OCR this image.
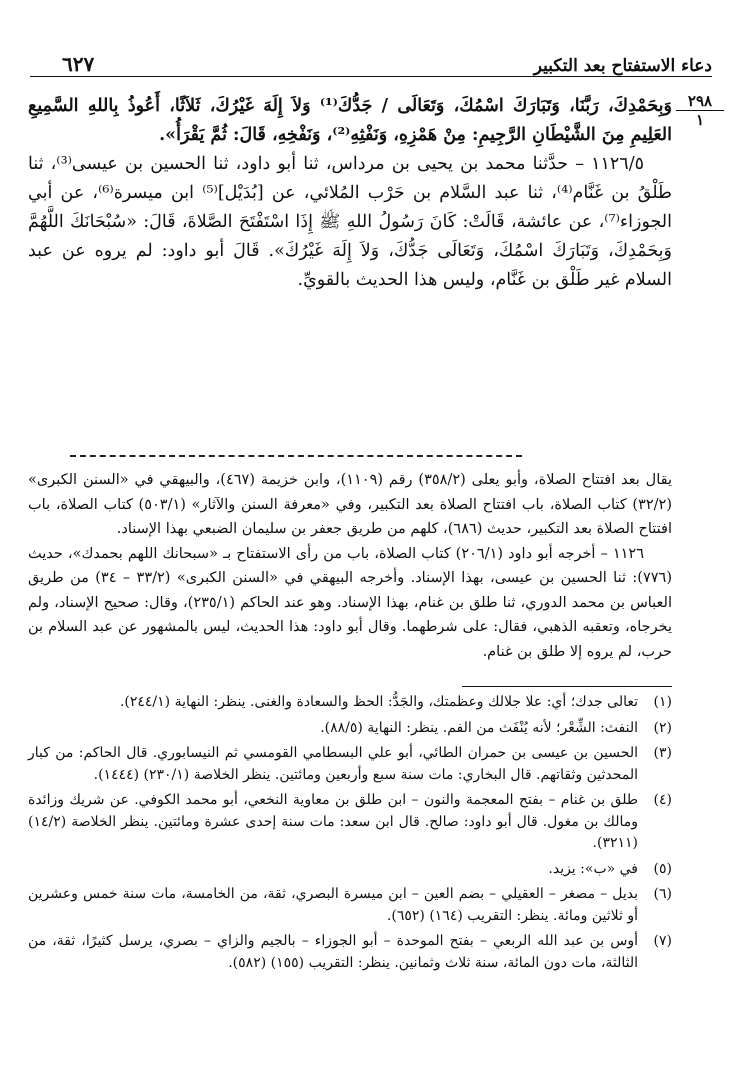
دعاء الاستفتاح بعد التكبير
٦٢٧
٢٩٨
١

وَبِحَمْدِكَ، رَبَّنَا، وَتَبَارَكَ اسْمُكَ، وَتَعَالَى / جَدُّكَ⁽¹⁾ وَلاَ إِلَهَ غَيْرُكَ، ثَلاَثًا، أَعُوذُ بِاللهِ السَّمِيعِ العَلِيمِ مِنَ الشَّيْطَانِ الرَّجِيمِ: مِنْ هَمْزِهِ، وَنَفْثِهِ⁽²⁾، وَنَفْخِهِ، قَالَ: ثُمَّ يَقْرَأُ».

١١٢٦/٥ – حدَّثنا محمد بن يحيى بن مرداس، ثنا أبو داود، ثنا الحسين بن عيسى⁽³⁾، ثنا طَلْقُ بن غَنَّام⁽⁴⁾، ثنا عبد السَّلام بن حَرْب المُلائي، عن [بُدَيْل]⁽⁵⁾ ابن ميسرة⁽⁶⁾، عن أبي الجوزاء⁽⁷⁾، عن عائشة، قَالَتْ: كَانَ رَسُولُ اللهِ ﷺ إِذَا اسْتَفْتَحَ الصَّلاةَ، قَالَ: «سُبْحَانَكَ اللَّهُمَّ وَبِحَمْدِكَ، وَتَبَارَكَ اسْمُكَ، وَتَعَالَى جَدُّكَ، وَلاَ إِلَهَ غَيْرُكَ». قَالَ أبو داود: لم يروه عن عبد السلام غير طَلْق بن غَنَّام، وليس هذا الحديث بالقويِّ.

يقال بعد افتتاح الصلاة، وأبو يعلى (٣٥٨/٢) رقم (١١٠٩)، وابن خزيمة (٤٦٧)، والبيهقي في «السنن الكبرى» (٣٢/٢) كتاب الصلاة، باب افتتاح الصلاة بعد التكبير، وفي «معرفة السنن والآثار» (٥٠٣/١) كتاب الصلاة، باب افتتاح الصلاة بعد التكبير، حديث (٦٨٦)، كلهم من طريق جعفر بن سليمان الضبعي بهذا الإسناد.

١١٢٦ – أخرجه أبو داود (٢٠٦/١) كتاب الصلاة، باب من رأى الاستفتاح بـ «سبحانك اللهم بحمدك»، حديث (٧٧٦): ثنا الحسين بن عيسى، بهذا الإسناد. وأخرجه البيهقي في «السنن الكبرى» (٣٣/٢ – ٣٤) من طريق العباس بن محمد الدوري، ثنا طلق بن غنام، بهذا الإسناد. وهو عند الحاكم (٢٣٥/١)، وقال: صحيح الإسناد، ولم يخرجاه، وتعقبه الذهبي، فقال: على شرطهما. وقال أبو داود: هذا الحديث، ليس بالمشهور عن عبد السلام بن حرب، لم يروه إلا طلق بن غنام.

(١)
تعالى جدك؛ أي: علا جلالك وعظمتك، والجَدُّ: الحظ والسعادة والغنى. ينظر: النهاية (٢٤٤/١).
(٢)
النفث: الشِّعْر؛ لأنه يُنْفَث من الفم. ينظر: النهاية (٨٨/٥).
(٣)
الحسين بن عيسى بن حمران الطائي، أبو علي البسطامي القومسي ثم النيسابوري. قال الحاكم: من كبار المحدثين وثقاتهم. قال البخاري: مات سنة سبع وأربعين ومائتين. ينظر الخلاصة (٢٣٠/١) (١٤٤٤).
(٤)
طلق بن غنام – بفتح المعجمة والنون – ابن طلق بن معاوية النخعي، أبو محمد الكوفي. عن شريك وزائدة ومالك بن مغول. قال أبو داود: صالح. قال ابن سعد: مات سنة إحدى عشرة ومائتين. ينظر الخلاصة (١٤/٢) (٣٢١١).
(٥)
في «ب»: يزيد.
(٦)
بديل – مصغر – العقيلي – بضم العين – ابن ميسرة البصري، ثقة، من الخامسة، مات سنة خمس وعشرين أو ثلاثين ومائة. ينظر: التقريب (١٦٤) (٦٥٢).
(٧)
أوس بن عبد الله الربعي – بفتح الموحدة – أبو الجوزاء – بالجيم والزاي – بصري، يرسل كثيرًا، ثقة، من الثالثة، مات دون المائة، سنة ثلاث وثمانين. ينظر: التقريب (١٥٥) (٥٨٢).
